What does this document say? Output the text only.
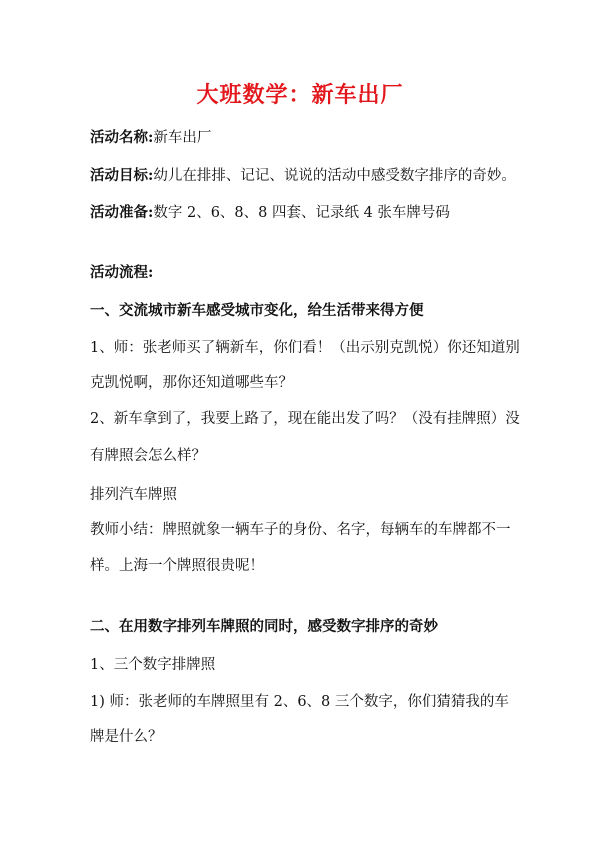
大班数学：新车出厂
活动名称:新车出厂
活动目标:幼儿在排排、记记、说说的活动中感受数字排序的奇妙。
活动准备:数字 2、6、8、8 四套、记录纸 4 张车牌号码
活动流程:
一、交流城市新车感受城市变化，给生活带来得方便
1、师：张老师买了辆新车，你们看！（出示别克凯悦）你还知道别
克凯悦啊，那你还知道哪些车？
2、新车拿到了，我要上路了，现在能出发了吗？（没有挂牌照）没
有牌照会怎么样？
排列汽车牌照
教师小结：牌照就象一辆车子的身份、名字，每辆车的车牌都不一
样。上海一个牌照很贵呢！
二、在用数字排列车牌照的同时，感受数字排序的奇妙
1、三个数字排牌照
1) 师：张老师的车牌照里有 2、6、8 三个数字，你们猜猜我的车
牌是什么？
